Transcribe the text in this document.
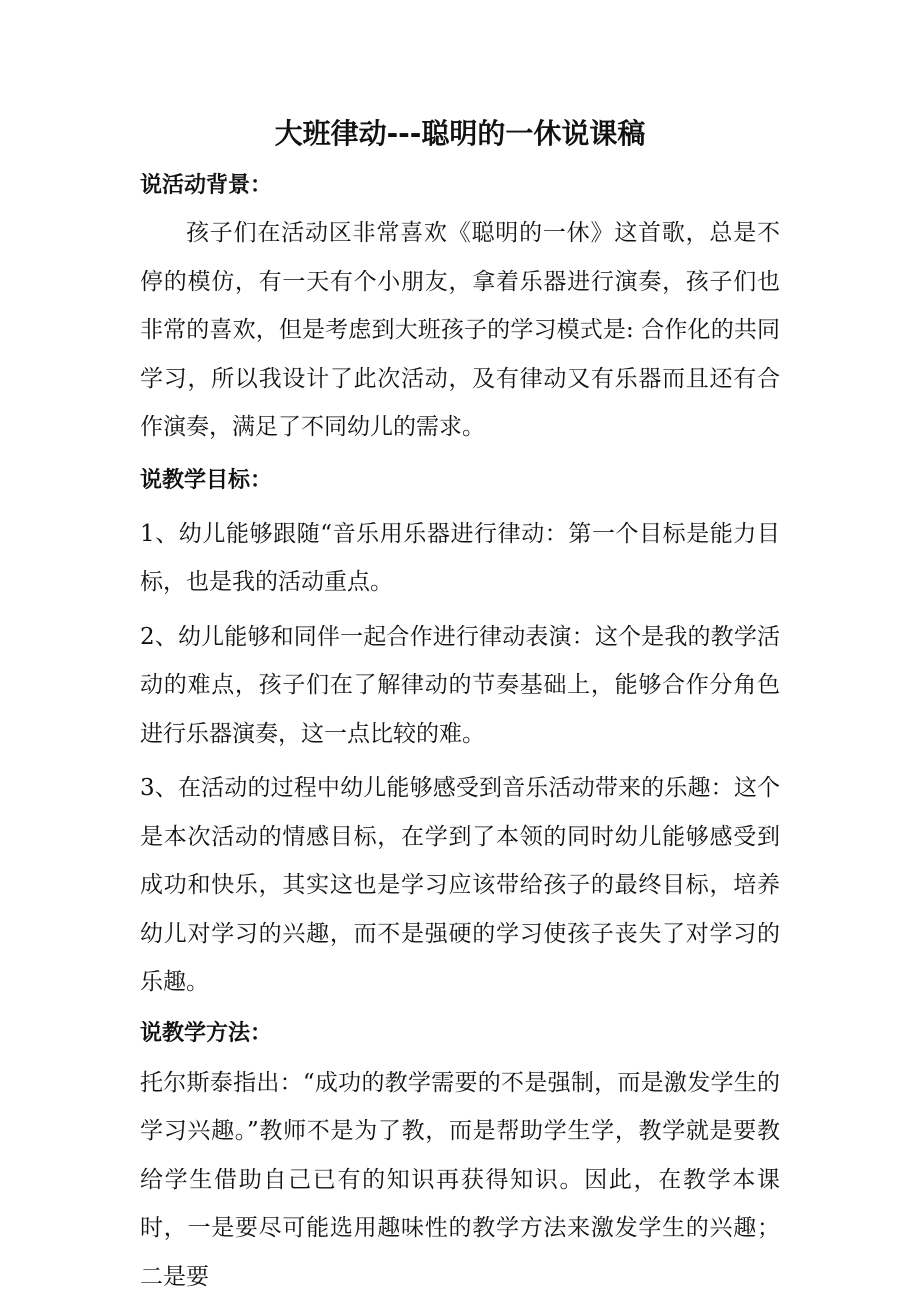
大班律动---聪明的一休说课稿
说活动背景：

孩子们在活动区非常喜欢《聪明的一休》这首歌，总是不停的模仿，有一天有个小朋友，拿着乐器进行演奏，孩子们也非常的喜欢，但是考虑到大班孩子的学习模式是: 合作化的共同学习，所以我设计了此次活动，及有律动又有乐器而且还有合作演奏，满足了不同幼儿的需求。

说教学目标：

1、幼儿能够跟随“音乐用乐器进行律动：第一个目标是能力目标，也是我的活动重点。

2、幼儿能够和同伴一起合作进行律动表演：这个是我的教学活动的难点，孩子们在了解律动的节奏基础上，能够合作分角色进行乐器演奏，这一点比较的难。

3、在活动的过程中幼儿能够感受到音乐活动带来的乐趣：这个是本次活动的情感目标，在学到了本领的同时幼儿能够感受到成功和快乐，其实这也是学习应该带给孩子的最终目标，培养幼儿对学习的兴趣，而不是强硬的学习使孩子丧失了对学习的乐趣。

说教学方法：

托尔斯泰指出：“成功的教学需要的不是强制，而是激发学生的学习兴趣。”教师不是为了教，而是帮助学生学，教学就是要教给学生借助自己已有的知识再获得知识。因此，在教学本课时，一是要尽可能选用趣味性的教学方法来激发学生的兴趣；二是要
